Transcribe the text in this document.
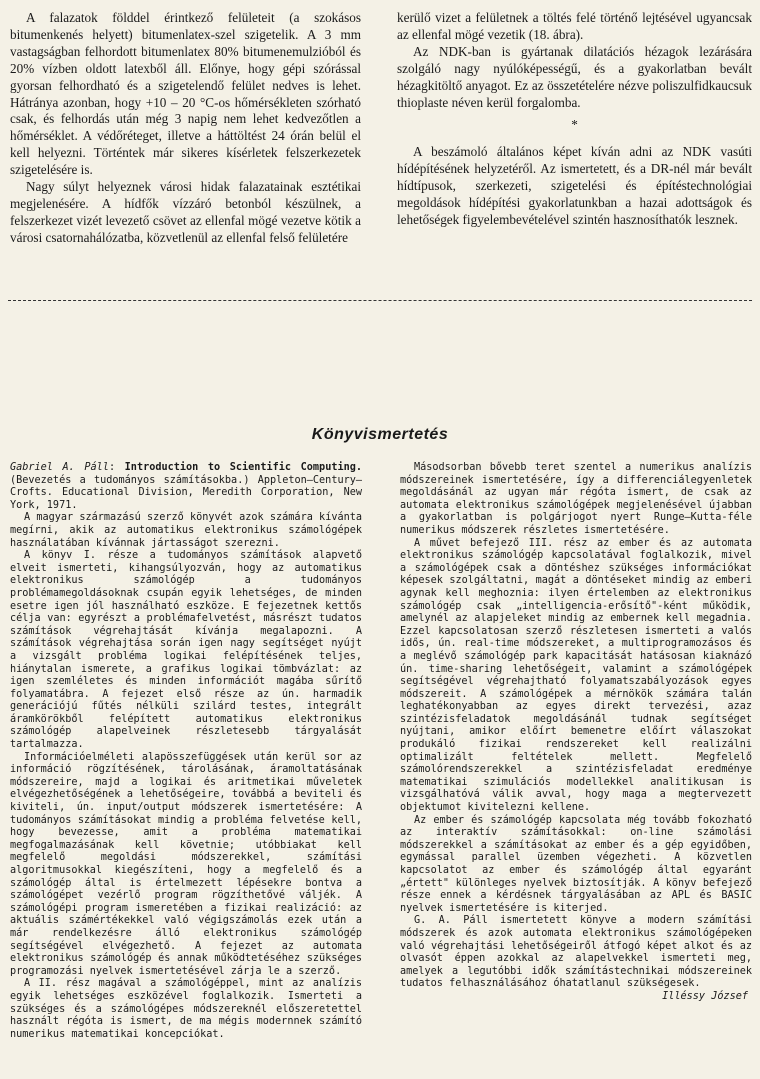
A falazatok földdel érintkező felületeit (a szokásos bitumenkenés helyett) bitumenlatex-szel szigetelik. A 3 mm vastagságban felhordott bitumenlatex 80% bitumenemulzióból és 20% vízben oldott latexből áll. Előnye, hogy gépi szórással gyorsan felhordható és a szigetelendő felület nedves is lehet. Hátránya azonban, hogy +10 – 20 °C-os hőmérsékleten szórható csak, és felhordás után még 3 napig nem lehet kedvezőtlen a hőmérséklet. A védőréteget, illetve a háttöltést 24 órán belül el kell helyezni. Történtek már sikeres kísérletek felszerkezetek szigetelésére is.

Nagy súlyt helyeznek városi hidak falazatainak esztétikai megjelenésére. A hídfők vízzáró betonból készülnek, a felszerkezet vizét levezető csövet az ellenfal mögé vezetve kötik a városi csatornahálózatba, közvetlenül az ellenfal felső felületére

kerülő vizet a felületnek a töltés felé történő lejtésével ugyancsak az ellenfal mögé vezetik (18. ábra).

Az NDK-ban is gyártanak dilatációs hézagok lezárására szolgáló nagy nyúlóképességű, és a gyakorlatban bevált hézagkitöltő anyagot. Ez az összetételére nézve poliszulfidkaucsuk thioplaste néven kerül forgalomba.

*

A beszámoló általános képet kíván adni az NDK vasúti hídépítésének helyzetéről. Az ismertetett, és a DR-nél már bevált hídtípusok, szerkezeti, szigetelési és építéstechnológiai megoldások hídépítési gyakorlatunkban a hazai adottságok és lehetőségek figyelembevételével szintén hasznosíthatók lesznek.

Könyvismertetés

Gabriel A. Páll: Introduction to Scientific Computing. (Bevezetés a tudományos számításokba.) Appleton—Century—Crofts. Educational Division, Meredith Corporation, New York, 1971.

A magyar származású szerző könyvét azok számára kívánta megírni, akik az automatikus elektronikus számológépek használatában kívánnak jártasságot szerezni.

A könyv I. része a tudományos számítások alapvető elveit ismerteti, kihangsúlyozván, hogy az automatikus elektronikus számológép a tudományos problémamegoldásoknak csupán egyik lehetséges, de minden esetre igen jól használható eszköze. E fejezetnek kettős célja van: egyrészt a problémafelvetést, másrészt tudatos számítások végrehajtását kívánja megalapozni. A számítások végrehajtása során igen nagy segítséget nyújt a vizsgált probléma logikai felépítésének teljes, hiánytalan ismerete, a grafikus logikai tömbvázlat: az igen szemléletes és minden információt magába sűrítő folyamatábra. A fejezet első része az ún. harmadik generációjú fűtés nélküli szilárd testes, integrált áramkörökből felépített automatikus elektronikus számológép alapelveinek részletesebb tárgyalását tartalmazza.

Információelméleti alapösszefüggések után kerül sor az információ rögzítésének, tárolásának, áramoltatásának módszereire, majd a logikai és aritmetikai műveletek elvégezhetőségének a lehetőségeire, továbbá a beviteli és kiviteli, ún. input/output módszerek ismertetésére: A tudományos számításokat mindig a probléma felvetése kell, hogy bevezesse, amit a probléma matematikai megfogalmazásának kell követnie; utóbbiakat kell megfelelő megoldási módszerekkel, számítási algoritmusokkal kiegészíteni, hogy a megfelelő és a számológép által is értelmezett lépésekre bontva a számológépet vezérlő program rögzíthetővé váljék. A számológépi program ismeretében a fizikai realizáció: az aktuális számértékekkel való végigszámolás ezek után a már rendelkezésre álló elektronikus számológép segítségével elvégezhető. A fejezet az automata elektronikus számológép és annak működtetéséhez szükséges programozási nyelvek ismertetésével zárja le a szerző.

A II. rész magával a számológéppel, mint az analízis egyik lehetséges eszközével foglalkozik. Ismerteti a szükséges és a számológépes módszereknél előszeretettel használt régóta is ismert, de ma mégis modernnek számító numerikus matematikai koncepciókat.

Másodsorban bővebb teret szentel a numerikus analízis módszereinek ismertetésére, így a differenciálegyenletek megoldásánál az ugyan már régóta ismert, de csak az automata elektronikus számológépek megjelenésével újabban a gyakorlatban is polgárjogot nyert Runge—Kutta-féle numerikus módszerek részletes ismertetésére.

A művet befejező III. rész az ember és az automata elektronikus számológép kapcsolatával foglalkozik, mivel a számológépek csak a döntéshez szükséges információkat képesek szolgáltatni, magát a döntéseket mindig az emberi agynak kell meghoznia: ilyen értelemben az elektronikus számológép csak „intelligencia-erősítő"-ként működik, amelynél az alapjeleket mindig az embernek kell megadnia. Ezzel kapcsolatosan szerző részletesen ismerteti a valós idős, ún. real-time módszereket, a multiprogramozásos és a meglévő számológép park kapacitását hatásosan kiaknázó ún. time-sharing lehetőségeit, valamint a számológépek segítségével végrehajtható folyamatszabályozások egyes módszereit. A számológépek a mérnökök számára talán leghatékonyabban az egyes direkt tervezési, azaz szintézisfeladatok megoldásánál tudnak segítséget nyújtani, amikor előírt bemenetre előírt válaszokat produkáló fizikai rendszereket kell realizálni optimalizált feltételek mellett. Megfelelő számolórendszerekkel a szintézisfeladat eredménye matematikai szimulációs modellekkel analitikusan is vizsgálhatóvá válik avval, hogy maga a megtervezett objektumot kivitelezni kellene.

Az ember és számológép kapcsolata még tovább fokozható az interaktív számításokkal: on-line számolási módszerekkel a számításokat az ember és a gép egyidőben, egymással parallel üzemben végezheti. A közvetlen kapcsolatot az ember és számológép által egyaránt „értett" különleges nyelvek biztosítják. A könyv befejező része ennek a kérdésnek tárgyalásában az APL és BASIC nyelvek ismertetésére is kiterjed.

G. A. Páll ismertetett könyve a modern számítási módszerek és azok automata elektronikus számológépeken való végrehajtási lehetőségeiről átfogó képet alkot és az olvasót éppen azokkal az alapelvekkel ismerteti meg, amelyek a legutóbbi idők számítástechnikai módszereinek tudatos felhasználásához óhatatlanul szükségesek.

Illéssy József
